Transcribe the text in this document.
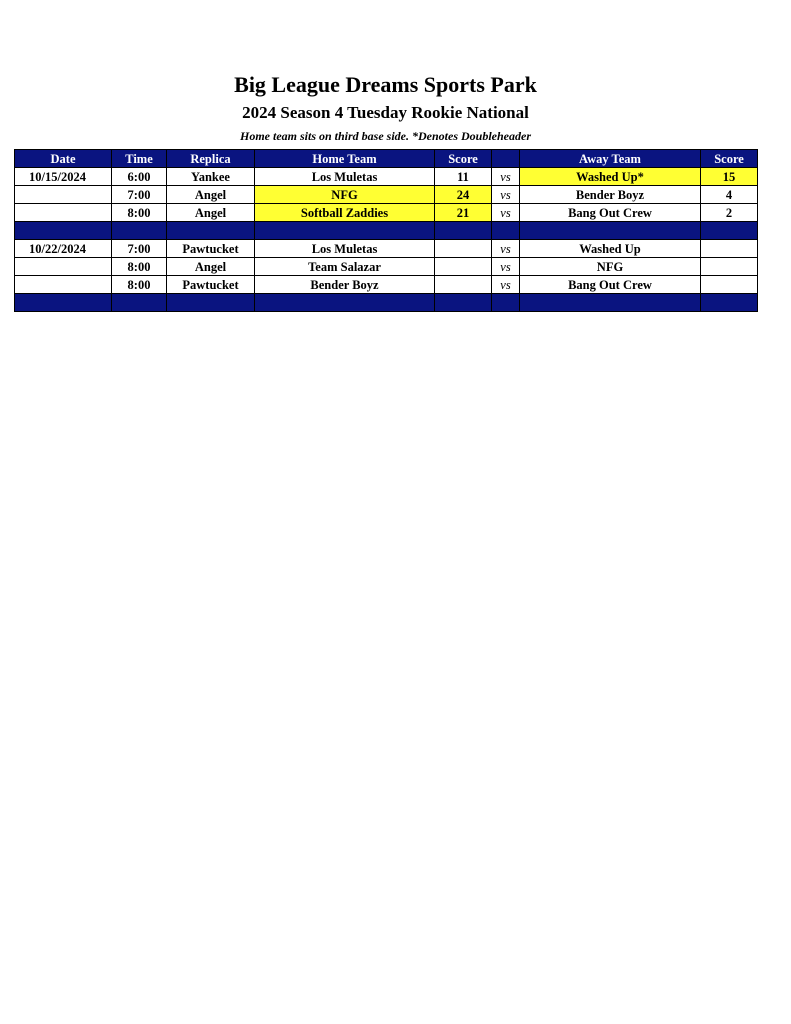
Big League Dreams Sports Park
2024 Season 4 Tuesday Rookie National
Home team sits on third base side. *Denotes Doubleheader
Date	Time	Replica	Home Team	Score		Away Team	Score
10/15/2024	6:00	Yankee	Los Muletas	11	vs	Washed Up*	15
	7:00	Angel	NFG	24	vs	Bender Boyz	4
	8:00	Angel	Softball Zaddies	21	vs	Bang Out Crew	2

10/22/2024	7:00	Pawtucket	Los Muletas		vs	Washed Up	
	8:00	Angel	Team Salazar		vs	NFG	
	8:00	Pawtucket	Bender Boyz		vs	Bang Out Crew	
